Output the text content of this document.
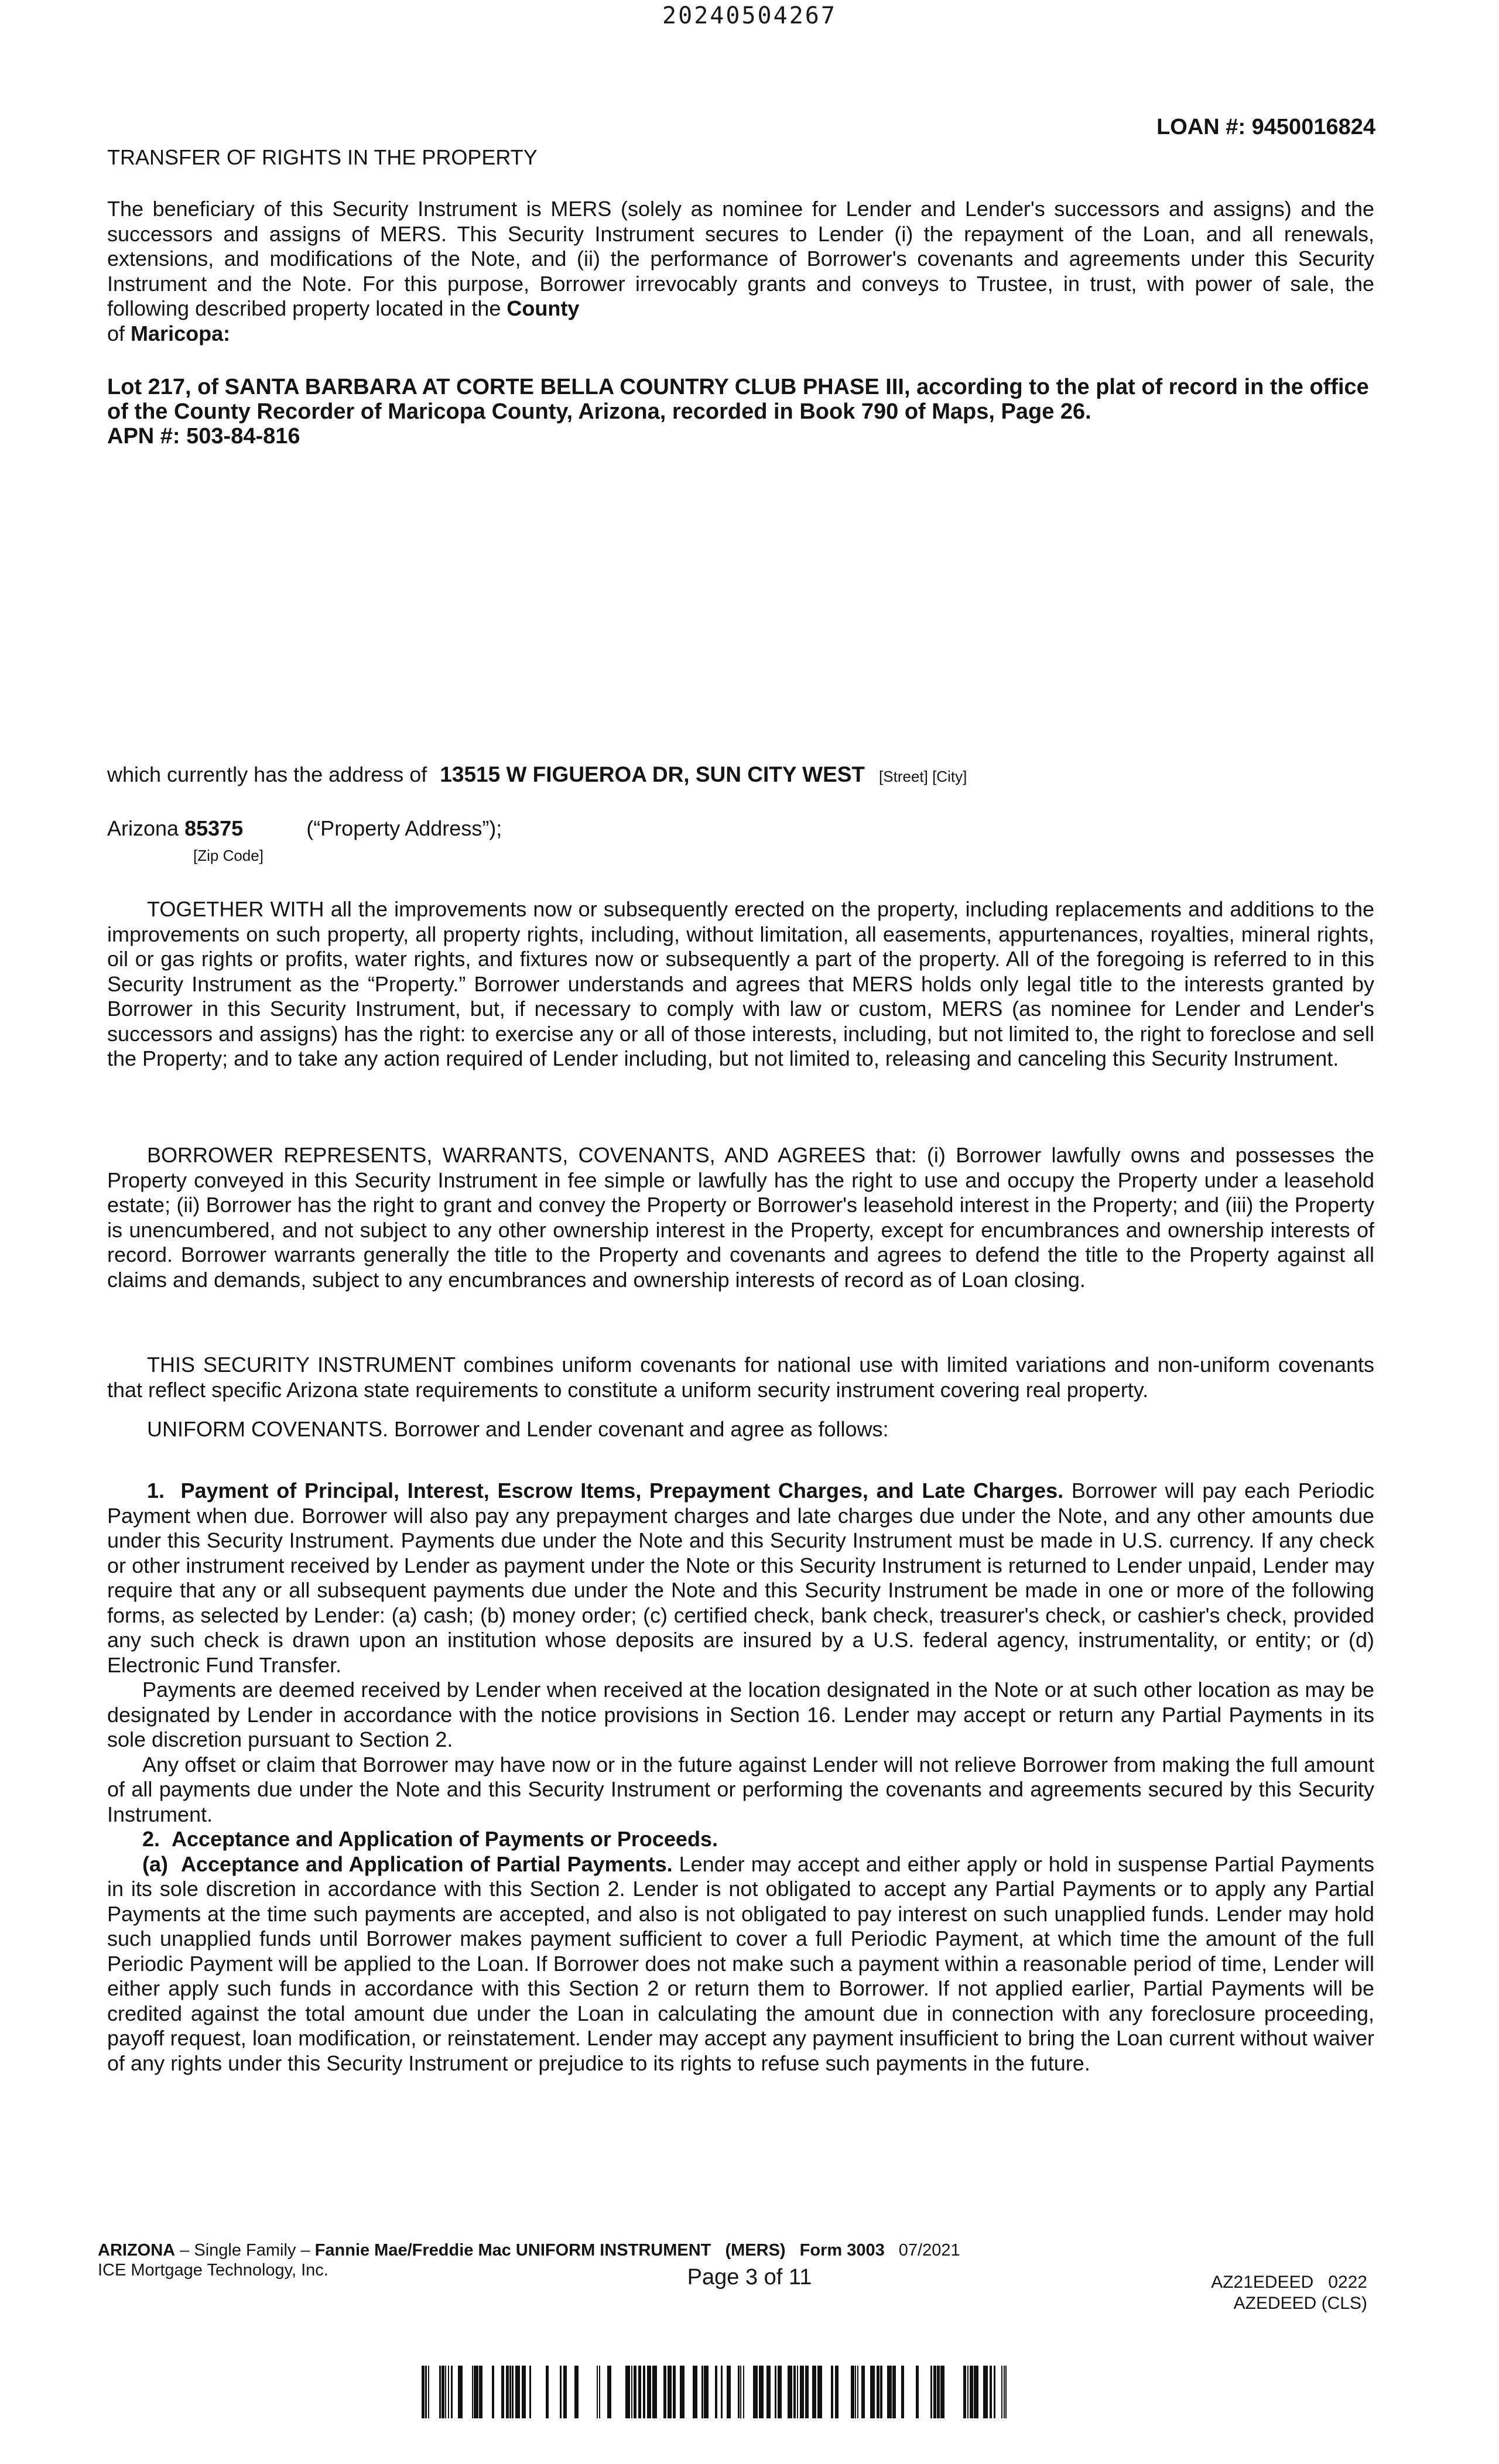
20240504267
LOAN #: 9450016824
TRANSFER OF RIGHTS IN THE PROPERTY
The beneficiary of this Security Instrument is MERS (solely as nominee for Lender and Lender's successors and assigns) and the successors and assigns of MERS. This Security Instrument secures to Lender (i) the repayment of the Loan, and all renewals, extensions, and modifications of the Note, and (ii) the performance of Borrower's covenants and agreements under this Security Instrument and the Note. For this purpose, Borrower irrevocably grants and conveys to Trustee, in trust, with power of sale, the following described property located in the County
of Maricopa:
Lot 217, of SANTA BARBARA AT CORTE BELLA COUNTRY CLUB PHASE III, according to the plat of record in the office of the County Recorder of Maricopa County, Arizona, recorded in Book 790 of Maps, Page 26.
APN #: 503-84-816
which currently has the address of 13515 W FIGUEROA DR, SUN CITY WEST [Street] [City]
Arizona 85375	(“Property Address”);
[Zip Code]

TOGETHER WITH all the improvements now or subsequently erected on the property, including replacements and additions to the improvements on such property, all property rights, including, without limitation, all easements, appurtenances, royalties, mineral rights, oil or gas rights or profits, water rights, and fixtures now or subsequently a part of the property. All of the foregoing is referred to in this Security Instrument as the “Property.” Borrower understands and agrees that MERS holds only legal title to the interests granted by Borrower in this Security Instrument, but, if necessary to comply with law or custom, MERS (as nominee for Lender and Lender's successors and assigns) has the right: to exercise any or all of those interests, including, but not limited to, the right to foreclose and sell the Property; and to take any action required of Lender including, but not limited to, releasing and canceling this Security Instrument.

BORROWER REPRESENTS, WARRANTS, COVENANTS, AND AGREES that: (i) Borrower lawfully owns and possesses the Property conveyed in this Security Instrument in fee simple or lawfully has the right to use and occupy the Property under a leasehold estate; (ii) Borrower has the right to grant and convey the Property or Borrower's leasehold interest in the Property; and (iii) the Property is unencumbered, and not subject to any other ownership interest in the Property, except for encumbrances and ownership interests of record. Borrower warrants generally the title to the Property and covenants and agrees to defend the title to the Property against all claims and demands, subject to any encumbrances and ownership interests of record as of Loan closing.

THIS SECURITY INSTRUMENT combines uniform covenants for national use with limited variations and non-uniform covenants that reflect specific Arizona state requirements to constitute a uniform security instrument covering real property.

UNIFORM COVENANTS. Borrower and Lender covenant and agree as follows:

1.  Payment of Principal, Interest, Escrow Items, Prepayment Charges, and Late Charges. Borrower will pay each Periodic Payment when due. Borrower will also pay any prepayment charges and late charges due under the Note, and any other amounts due under this Security Instrument. Payments due under the Note and this Security Instrument must be made in U.S. currency. If any check or other instrument received by Lender as payment under the Note or this Security Instrument is returned to Lender unpaid, Lender may require that any or all subsequent payments due under the Note and this Security Instrument be made in one or more of the following forms, as selected by Lender: (a) cash; (b) money order; (c) certified check, bank check, treasurer's check, or cashier's check, provided any such check is drawn upon an institution whose deposits are insured by a U.S. federal agency, instrumentality, or entity; or (d) Electronic Fund Transfer.

Payments are deemed received by Lender when received at the location designated in the Note or at such other location as may be designated by Lender in accordance with the notice provisions in Section 16. Lender may accept or return any Partial Payments in its sole discretion pursuant to Section 2.

Any offset or claim that Borrower may have now or in the future against Lender will not relieve Borrower from making the full amount of all payments due under the Note and this Security Instrument or performing the covenants and agreements secured by this Security Instrument.

2.  Acceptance and Application of Payments or Proceeds.

(a)  Acceptance and Application of Partial Payments. Lender may accept and either apply or hold in suspense Partial Payments in its sole discretion in accordance with this Section 2. Lender is not obligated to accept any Partial Payments or to apply any Partial Payments at the time such payments are accepted, and also is not obligated to pay interest on such unapplied funds. Lender may hold such unapplied funds until Borrower makes payment sufficient to cover a full Periodic Payment, at which time the amount of the full Periodic Payment will be applied to the Loan. If Borrower does not make such a payment within a reasonable period of time, Lender will either apply such funds in accordance with this Section 2 or return them to Borrower. If not applied earlier, Partial Payments will be credited against the total amount due under the Loan in calculating the amount due in connection with any foreclosure proceeding, payoff request, loan modification, or reinstatement. Lender may accept any payment insufficient to bring the Loan current without waiver of any rights under this Security Instrument or prejudice to its rights to refuse such payments in the future.

ARIZONA – Single Family – Fannie Mae/Freddie Mac UNIFORM INSTRUMENT (MERS) Form 3003 07/2021
ICE Mortgage Technology, Inc.	Page 3 of 11	AZ21EDEED   0222
AZEDEED (CLS)
